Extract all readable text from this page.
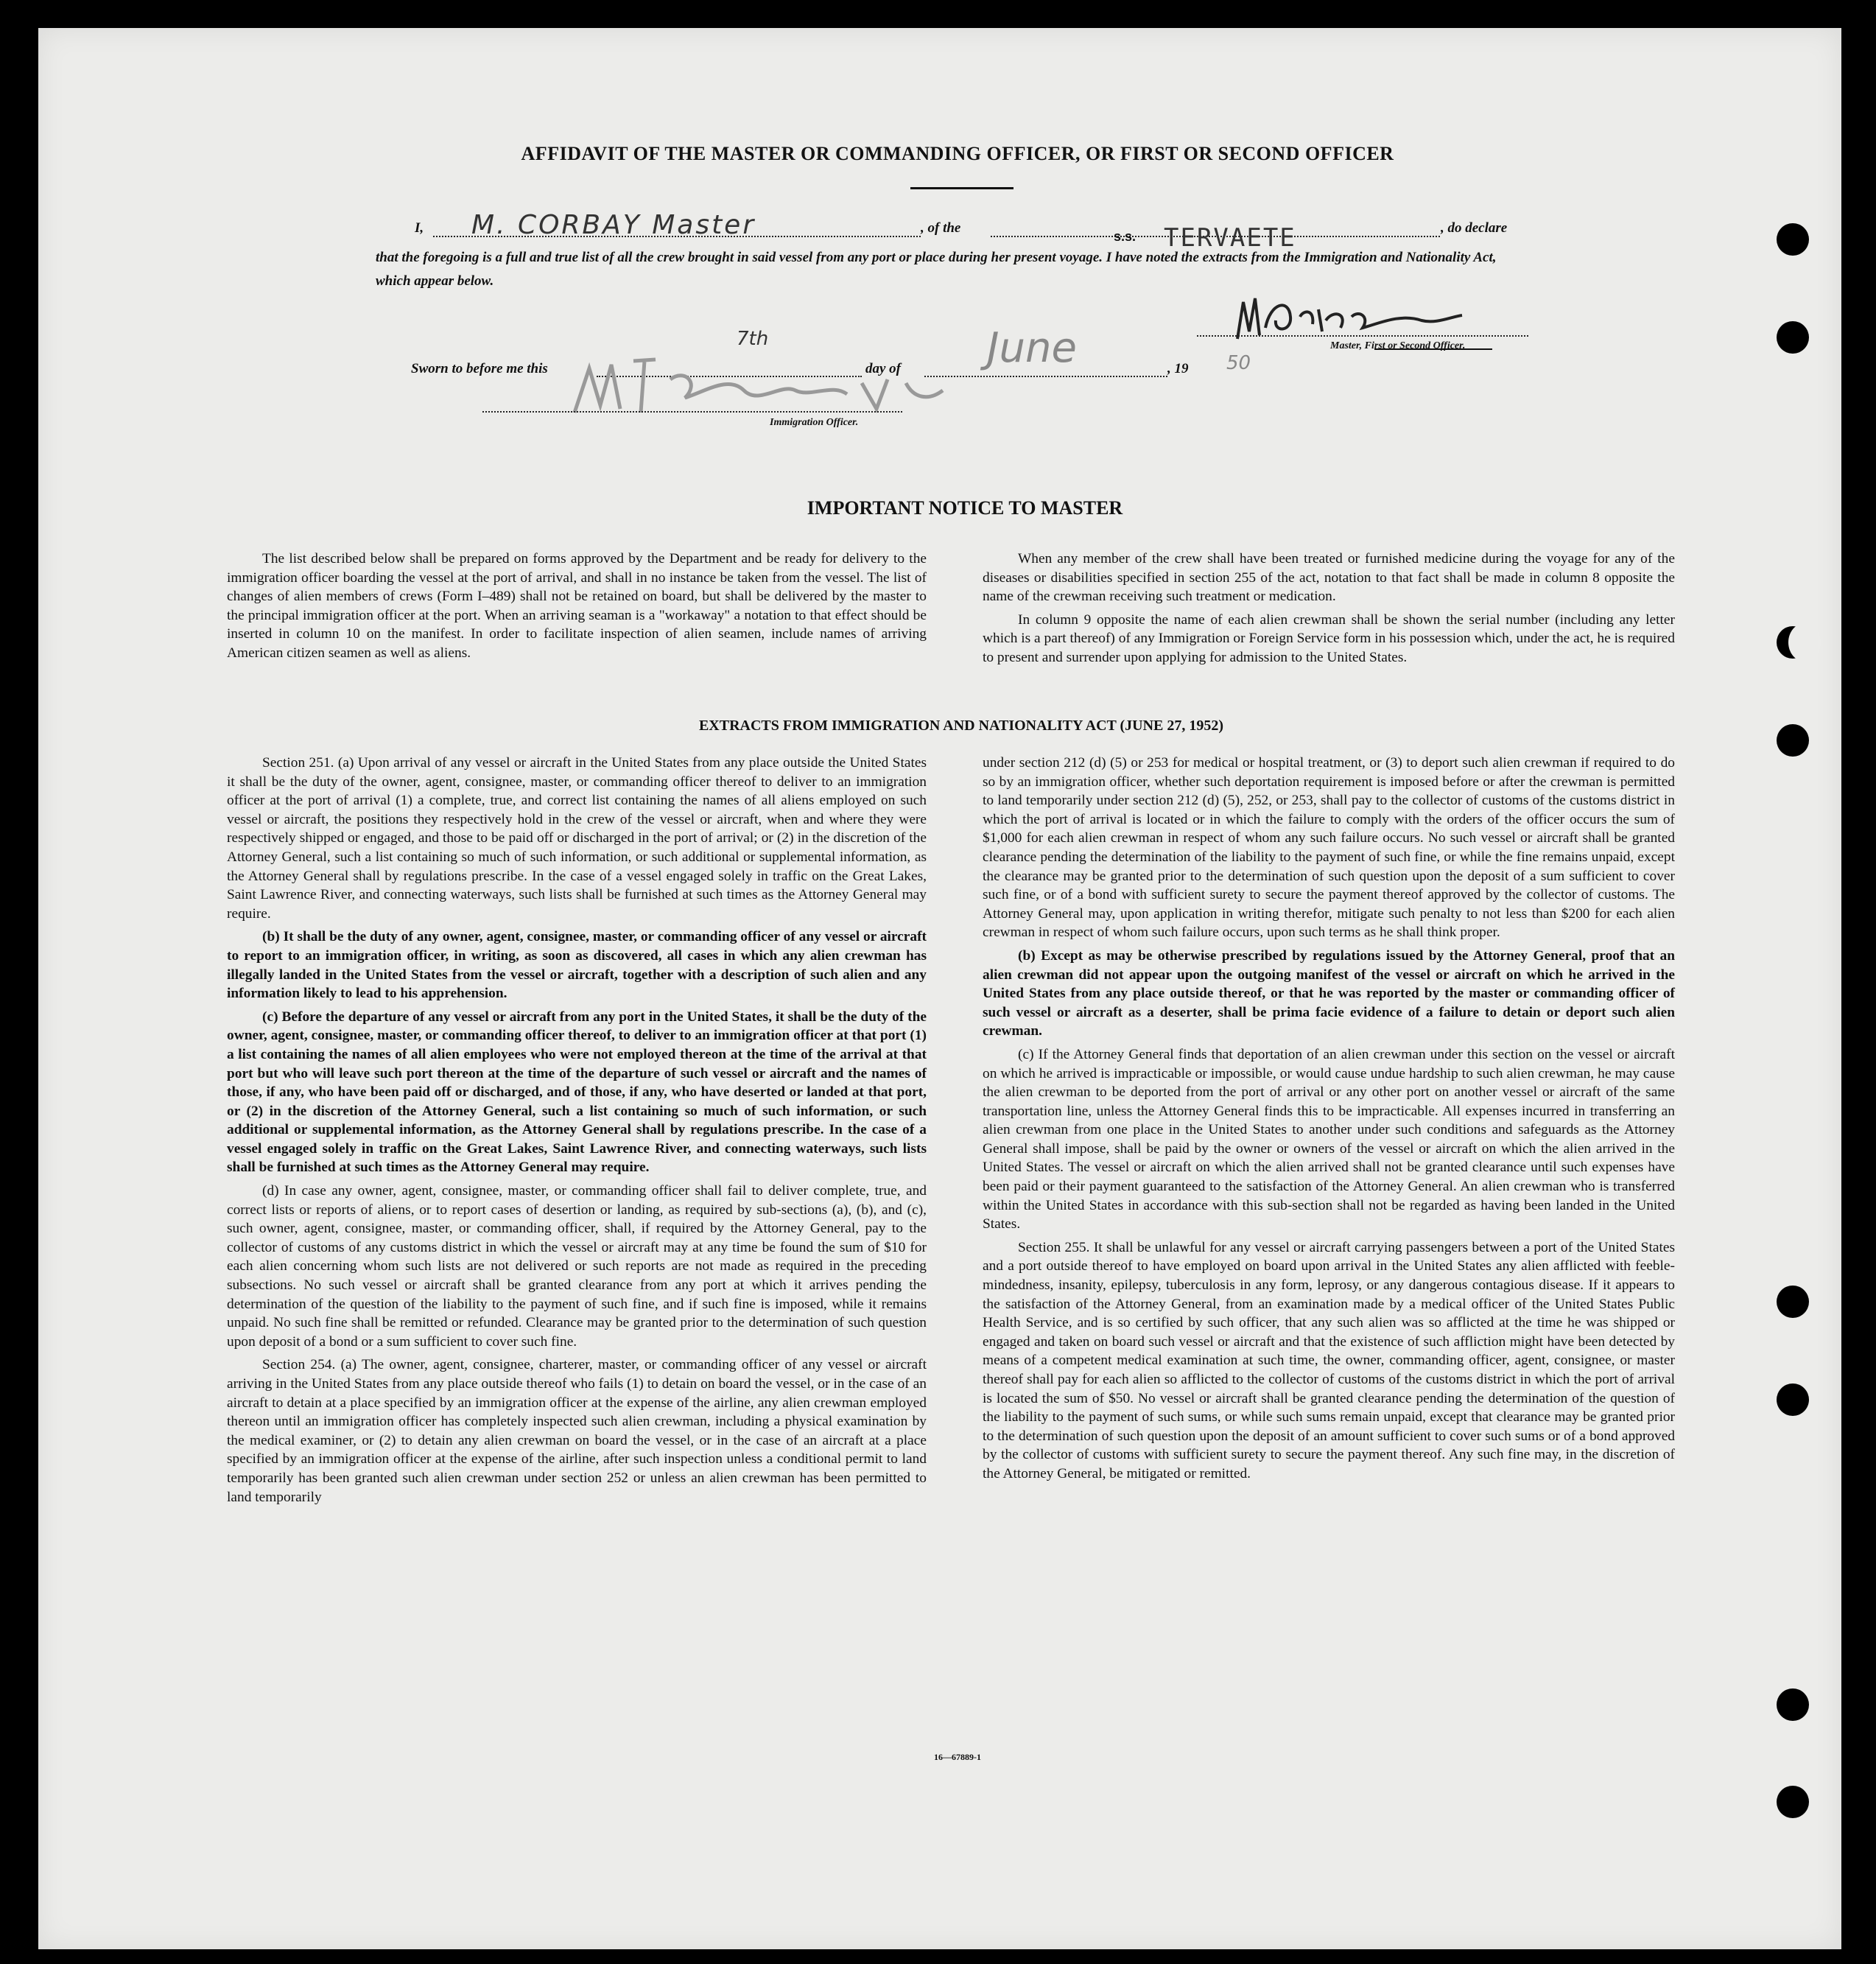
AFFIDAVIT OF THE MASTER OR COMMANDING OFFICER, OR FIRST OR SECOND OFFICER
I, M. CORBAY Master	, of the
s.s. TERVAETE	, do declare
that the foregoing is a full and true list of all the crew brought in said vessel from any port or place during her present voyage. I have noted the extracts from the Immigration and Nationality Act, which appear below.
Master, First or Second Officer.
Sworn to before me this
7th
day of June	, 19 50
Immigration Officer.
IMPORTANT NOTICE TO MASTER

The list described below shall be prepared on forms approved by the Department and be ready for delivery to the immigration officer boarding the vessel at the port of arrival, and shall in no instance be taken from the vessel. The list of changes of alien members of crews (Form I–489) shall not be retained on board, but shall be delivered by the master to the principal immigration officer at the port. When an arriving seaman is a "workaway" a notation to that effect should be inserted in column 10 on the manifest. In order to facilitate inspection of alien seamen, include names of arriving American citizen seamen as well as aliens.

When any member of the crew shall have been treated or furnished medicine during the voyage for any of the diseases or disabilities specified in section 255 of the act, notation to that fact shall be made in column 8 opposite the name of the crewman receiving such treatment or medication.

In column 9 opposite the name of each alien crewman shall be shown the serial number (including any letter which is a part thereof) of any Immigration or Foreign Service form in his possession which, under the act, he is required to present and surrender upon applying for admission to the United States.

EXTRACTS FROM IMMIGRATION AND NATIONALITY ACT (JUNE 27, 1952)

Section 251. (a) Upon arrival of any vessel or aircraft in the United States from any place outside the United States it shall be the duty of the owner, agent, consignee, master, or commanding officer thereof to deliver to an immigration officer at the port of arrival (1) a complete, true, and correct list containing the names of all aliens employed on such vessel or aircraft, the positions they respectively hold in the crew of the vessel or aircraft, when and where they were respectively shipped or engaged, and those to be paid off or discharged in the port of arrival; or (2) in the discretion of the Attorney General, such a list containing so much of such information, or such additional or supplemental information, as the Attorney General shall by regulations prescribe. In the case of a vessel engaged solely in traffic on the Great Lakes, Saint Lawrence River, and connecting waterways, such lists shall be furnished at such times as the Attorney General may require.

(b) It shall be the duty of any owner, agent, consignee, master, or commanding officer of any vessel or aircraft to report to an immigration officer, in writing, as soon as discovered, all cases in which any alien crewman has illegally landed in the United States from the vessel or aircraft, together with a description of such alien and any information likely to lead to his apprehension.

(c) Before the departure of any vessel or aircraft from any port in the United States, it shall be the duty of the owner, agent, consignee, master, or commanding officer thereof, to deliver to an immigration officer at that port (1) a list containing the names of all alien employees who were not employed thereon at the time of the arrival at that port but who will leave such port thereon at the time of the departure of such vessel or aircraft and the names of those, if any, who have been paid off or discharged, and of those, if any, who have deserted or landed at that port, or (2) in the discretion of the Attorney General, such a list containing so much of such information, or such additional or supplemental information, as the Attorney General shall by regulations prescribe. In the case of a vessel engaged solely in traffic on the Great Lakes, Saint Lawrence River, and connecting waterways, such lists shall be furnished at such times as the Attorney General may require.

(d) In case any owner, agent, consignee, master, or commanding officer shall fail to deliver complete, true, and correct lists or reports of aliens, or to report cases of desertion or landing, as required by sub-sections (a), (b), and (c), such owner, agent, consignee, master, or commanding officer, shall, if required by the Attorney General, pay to the collector of customs of any customs district in which the vessel or aircraft may at any time be found the sum of $10 for each alien concerning whom such lists are not delivered or such reports are not made as required in the preceding subsections. No such vessel or aircraft shall be granted clearance from any port at which it arrives pending the determination of the question of the liability to the payment of such fine, and if such fine is imposed, while it remains unpaid. No such fine shall be remitted or refunded. Clearance may be granted prior to the determination of such question upon deposit of a bond or a sum sufficient to cover such fine.

Section 254. (a) The owner, agent, consignee, charterer, master, or commanding officer of any vessel or aircraft arriving in the United States from any place outside thereof who fails (1) to detain on board the vessel, or in the case of an aircraft to detain at a place specified by an immigration officer at the expense of the airline, any alien crewman employed thereon until an immigration officer has completely inspected such alien crewman, including a physical examination by the medical examiner, or (2) to detain any alien crewman on board the vessel, or in the case of an aircraft at a place specified by an immigration officer at the expense of the airline, after such inspection unless a conditional permit to land temporarily has been granted such alien crewman under section 252 or unless an alien crewman has been permitted to land temporarily

under section 212 (d) (5) or 253 for medical or hospital treatment, or (3) to deport such alien crewman if required to do so by an immigration officer, whether such deportation requirement is imposed before or after the crewman is permitted to land temporarily under section 212 (d) (5), 252, or 253, shall pay to the collector of customs of the customs district in which the port of arrival is located or in which the failure to comply with the orders of the officer occurs the sum of $1,000 for each alien crewman in respect of whom any such failure occurs. No such vessel or aircraft shall be granted clearance pending the determination of the liability to the payment of such fine, or while the fine remains unpaid, except the clearance may be granted prior to the determination of such question upon the deposit of a sum sufficient to cover such fine, or of a bond with sufficient surety to secure the payment thereof approved by the collector of customs. The Attorney General may, upon application in writing therefor, mitigate such penalty to not less than $200 for each alien crewman in respect of whom such failure occurs, upon such terms as he shall think proper.

(b) Except as may be otherwise prescribed by regulations issued by the Attorney General, proof that an alien crewman did not appear upon the outgoing manifest of the vessel or aircraft on which he arrived in the United States from any place outside thereof, or that he was reported by the master or commanding officer of such vessel or aircraft as a deserter, shall be prima facie evidence of a failure to detain or deport such alien crewman.

(c) If the Attorney General finds that deportation of an alien crewman under this section on the vessel or aircraft on which he arrived is impracticable or impossible, or would cause undue hardship to such alien crewman, he may cause the alien crewman to be deported from the port of arrival or any other port on another vessel or aircraft of the same transportation line, unless the Attorney General finds this to be impracticable. All expenses incurred in transferring an alien crewman from one place in the United States to another under such conditions and safeguards as the Attorney General shall impose, shall be paid by the owner or owners of the vessel or aircraft on which the alien arrived in the United States. The vessel or aircraft on which the alien arrived shall not be granted clearance until such expenses have been paid or their payment guaranteed to the satisfaction of the Attorney General. An alien crewman who is transferred within the United States in accordance with this sub-section shall not be regarded as having been landed in the United States.

Section 255. It shall be unlawful for any vessel or aircraft carrying passengers between a port of the United States and a port outside thereof to have employed on board upon arrival in the United States any alien afflicted with feeble-mindedness, insanity, epilepsy, tuberculosis in any form, leprosy, or any dangerous contagious disease. If it appears to the satisfaction of the Attorney General, from an examination made by a medical officer of the United States Public Health Service, and is so certified by such officer, that any such alien was so afflicted at the time he was shipped or engaged and taken on board such vessel or aircraft and that the existence of such affliction might have been detected by means of a competent medical examination at such time, the owner, commanding officer, agent, consignee, or master thereof shall pay for each alien so afflicted to the collector of customs of the customs district in which the port of arrival is located the sum of $50. No vessel or aircraft shall be granted clearance pending the determination of the question of the liability to the payment of such sums, or while such sums remain unpaid, except that clearance may be granted prior to the determination of such question upon the deposit of an amount sufficient to cover such sums or of a bond approved by the collector of customs with sufficient surety to secure the payment thereof. Any such fine may, in the discretion of the Attorney General, be mitigated or remitted.

16—67889-1
